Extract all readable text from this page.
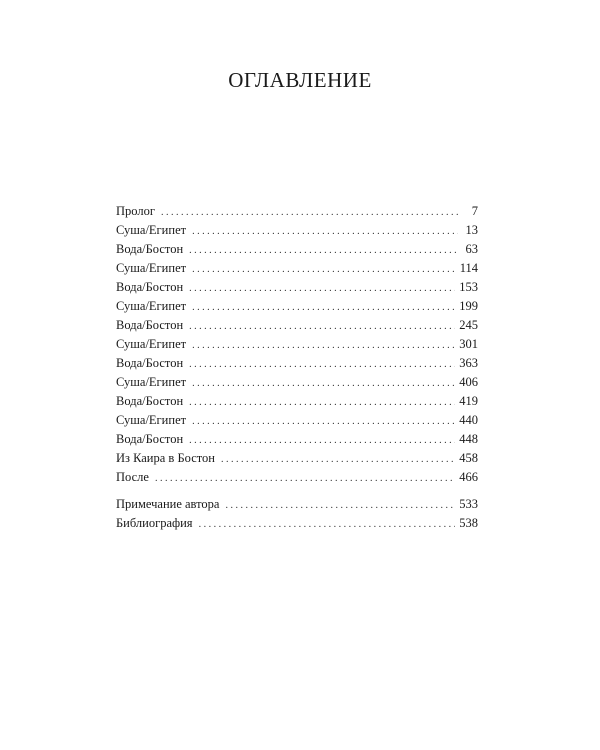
ОГЛАВЛЕНИЕ
Пролог . . .	7
Суша/Египет . . .	13
Вода/Бостон . . .	63
Суша/Египет . . .	114
Вода/Бостон . . .	153
Суша/Египет . . .	199
Вода/Бостон . . .	245
Суша/Египет . . .	301
Вода/Бостон . . .	363
Суша/Египет . . .	406
Вода/Бостон . . .	419
Суша/Египет . . .	440
Вода/Бостон . . .	448
Из Каира в Бостон . . .	458
После . . .	466
Примечание автора . . .	533
Библиография . . .	538
